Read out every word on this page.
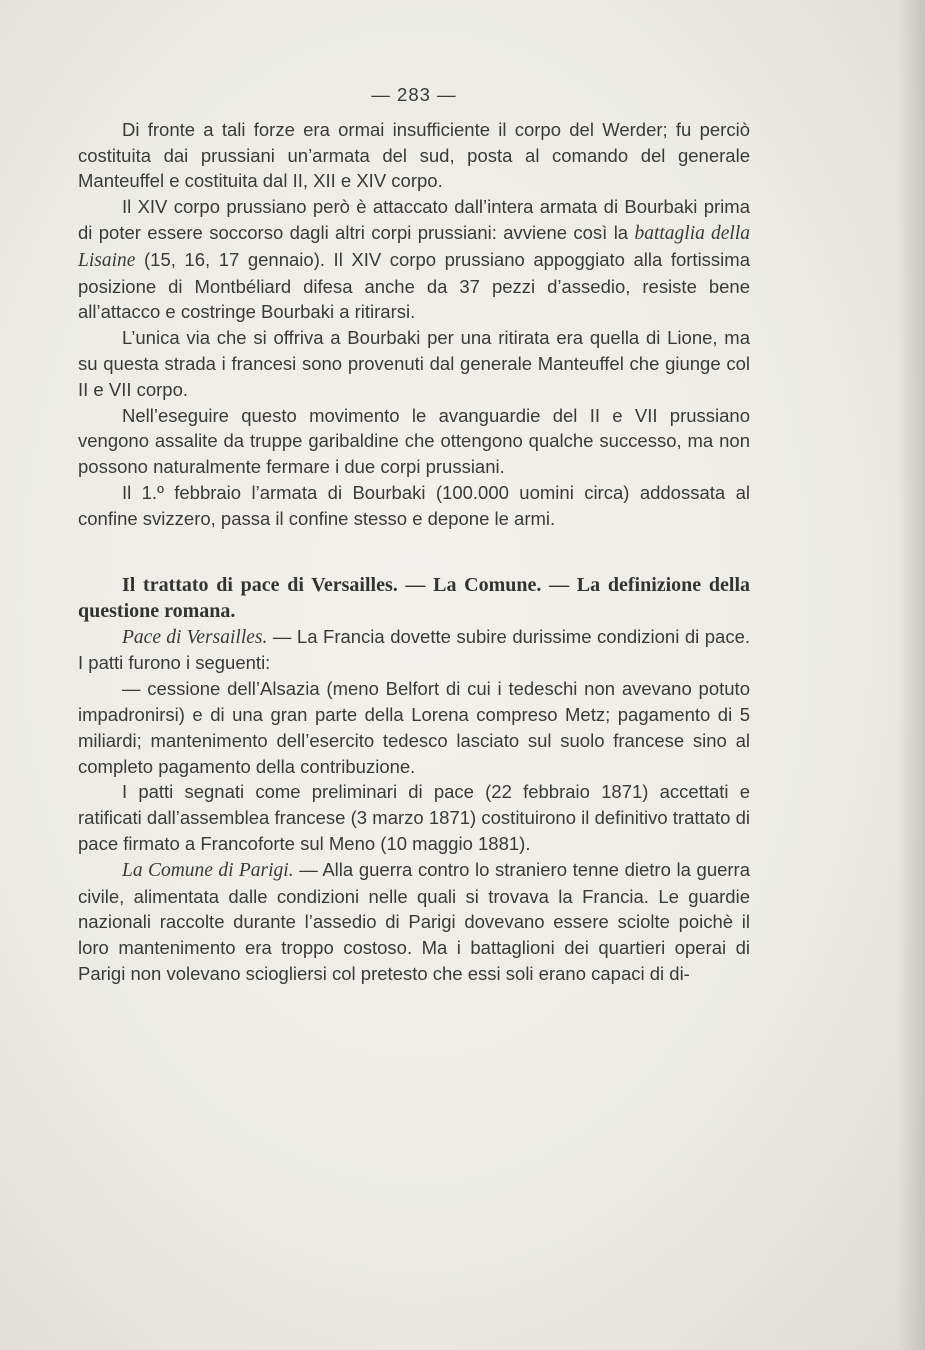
— 283 —

Di fronte a tali forze era ormai insufficiente il corpo del Werder; fu perciò costituita dai prussiani un’armata del sud, posta al comando del generale Manteuffel e costituita dal II, XII e XIV corpo.

Il XIV corpo prussiano però è attaccato dall’intera armata di Bourbaki prima di poter essere soccorso dagli altri corpi prussiani: avviene così la battaglia della Lisaine (15, 16, 17 gennaio). Il XIV corpo prussiano appoggiato alla fortissima posizione di Montbéliard difesa anche da 37 pezzi d’assedio, resiste bene all’attacco e costringe Bourbaki a ritirarsi.

L’unica via che si offriva a Bourbaki per una ritirata era quella di Lione, ma su questa strada i francesi sono provenuti dal generale Manteuffel che giunge col II e VII corpo.

Nell’eseguire questo movimento le avanguardie del II e VII prussiano vengono assalite da truppe garibaldine che ottengono qualche successo, ma non possono naturalmente fermare i due corpi prussiani.

Il 1.º febbraio l’armata di Bourbaki (100.000 uomini circa) addossata al confine svizzero, passa il confine stesso e depone le armi.

Il trattato di pace di Versailles. — La Comune. — La definizione della questione romana.

Pace di Versailles. — La Francia dovette subire durissime condizioni di pace. I patti furono i seguenti:

— cessione dell’Alsazia (meno Belfort di cui i tedeschi non avevano potuto impadronirsi) e di una gran parte della Lorena compreso Metz; pagamento di 5 miliardi; mantenimento dell’esercito tedesco lasciato sul suolo francese sino al completo pagamento della contribuzione.

I patti segnati come preliminari di pace (22 febbraio 1871) accettati e ratificati dall’assemblea francese (3 marzo 1871) costituirono il definitivo trattato di pace firmato a Francoforte sul Meno (10 maggio 1881).

La Comune di Parigi. — Alla guerra contro lo straniero tenne dietro la guerra civile, alimentata dalle condizioni nelle quali si trovava la Francia. Le guardie nazionali raccolte durante l’assedio di Parigi dovevano essere sciolte poichè il loro mantenimento era troppo costoso. Ma i battaglioni dei quartieri operai di Parigi non volevano sciogliersi col pretesto che essi soli erano capaci di di-
